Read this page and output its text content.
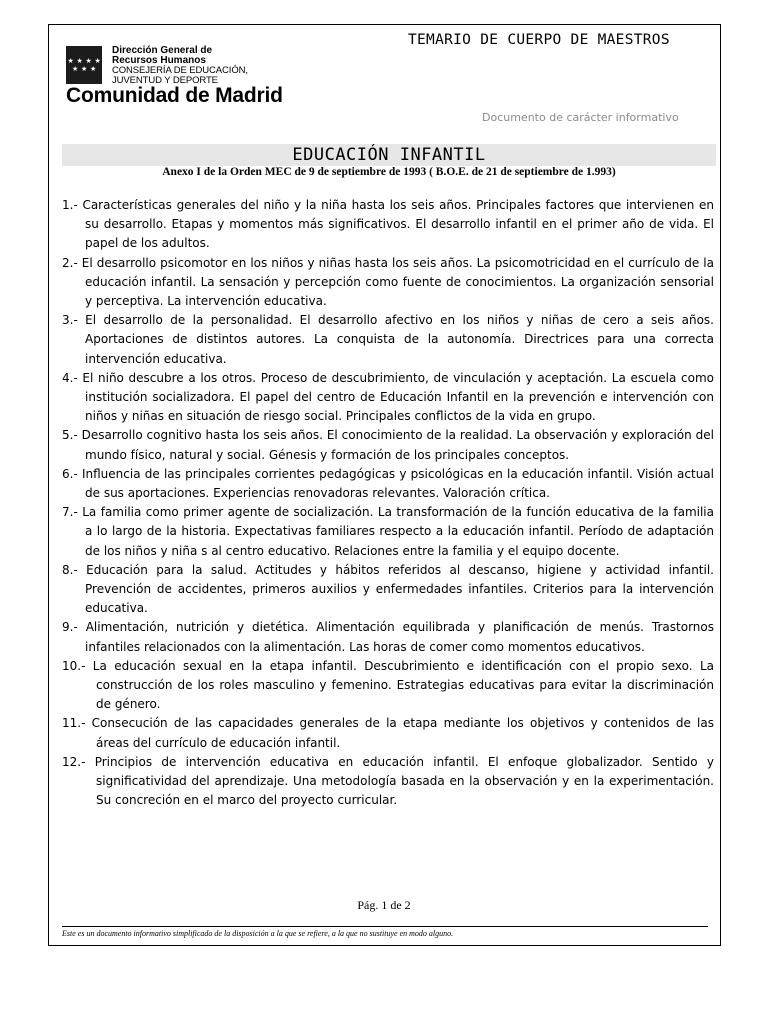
TEMARIO DE CUERPO DE MAESTROS
★ ★ ★ ★
★ ★ ★
Dirección General de
Recursos Humanos
CONSEJERÍA DE EDUCACIÓN,
JUVENTUD Y DEPORTE
Comunidad de Madrid
Documento de carácter informativo
EDUCACIÓN INFANTIL
Anexo I de la Orden MEC de 9 de septiembre de 1993 ( B.O.E. de 21 de septiembre de 1.993)

1.- Características generales del niño y la niña hasta los seis años. Principales factores que intervienen en su desarrollo. Etapas y momentos más significativos. El desarrollo infantil en el primer año de vida. El papel de los adultos.

2.- El desarrollo psicomotor en los niños y niñas hasta los seis años. La psicomotricidad en el currículo de la educación infantil. La sensación y percepción como fuente de conocimientos. La organización sensorial y perceptiva. La intervención educativa.

3.- El desarrollo de la personalidad. El desarrollo afectivo en los niños y niñas de cero a seis años. Aportaciones de distintos autores. La conquista de la autonomía. Directrices para una correcta intervención educativa.

4.- El niño descubre a los otros. Proceso de descubrimiento, de vinculación y aceptación. La escuela como institución socializadora. El papel del centro de Educación Infantil en la prevención e intervención con niños y niñas en situación de riesgo social. Principales conflictos de la vida en grupo.

5.- Desarrollo cognitivo hasta los seis años. El conocimiento de la realidad. La observación y exploración del mundo físico, natural y social. Génesis y formación de los principales conceptos.

6.- Influencia de las principales corrientes pedagógicas y psicológicas en la educación infantil. Visión actual de sus aportaciones. Experiencias renovadoras relevantes. Valoración crítica.

7.- La familia como primer agente de socialización. La transformación de la función educativa de la familia a lo largo de la historia. Expectativas familiares respecto a la educación infantil. Período de adaptación de los niños y niña s al centro educativo. Relaciones entre la familia y el equipo docente.

8.- Educación para la salud. Actitudes y hábitos referidos al descanso, higiene y actividad infantil. Prevención de accidentes, primeros auxilios y enfermedades infantiles. Criterios para la intervención educativa.

9.- Alimentación, nutrición y dietética. Alimentación equilibrada y planificación de menús. Trastornos infantiles relacionados con la alimentación. Las horas de comer como momentos educativos.

10.- La educación sexual en la etapa infantil. Descubrimiento e identificación con el propio sexo. La construcción de los roles masculino y femenino. Estrategias educativas para evitar la discriminación de género.

11.- Consecución de las capacidades generales de la etapa mediante los objetivos y contenidos de las áreas del currículo de educación infantil.

12.- Principios de intervención educativa en educación infantil. El enfoque globalizador. Sentido y significatividad del aprendizaje. Una metodología basada en la observación y en la experimentación. Su concreción en el marco del proyecto curricular.

Pág. 1 de 2
Este es un documento informativo simplificado de la disposición a la que se refiere, a la que no sustituye en modo alguno.
